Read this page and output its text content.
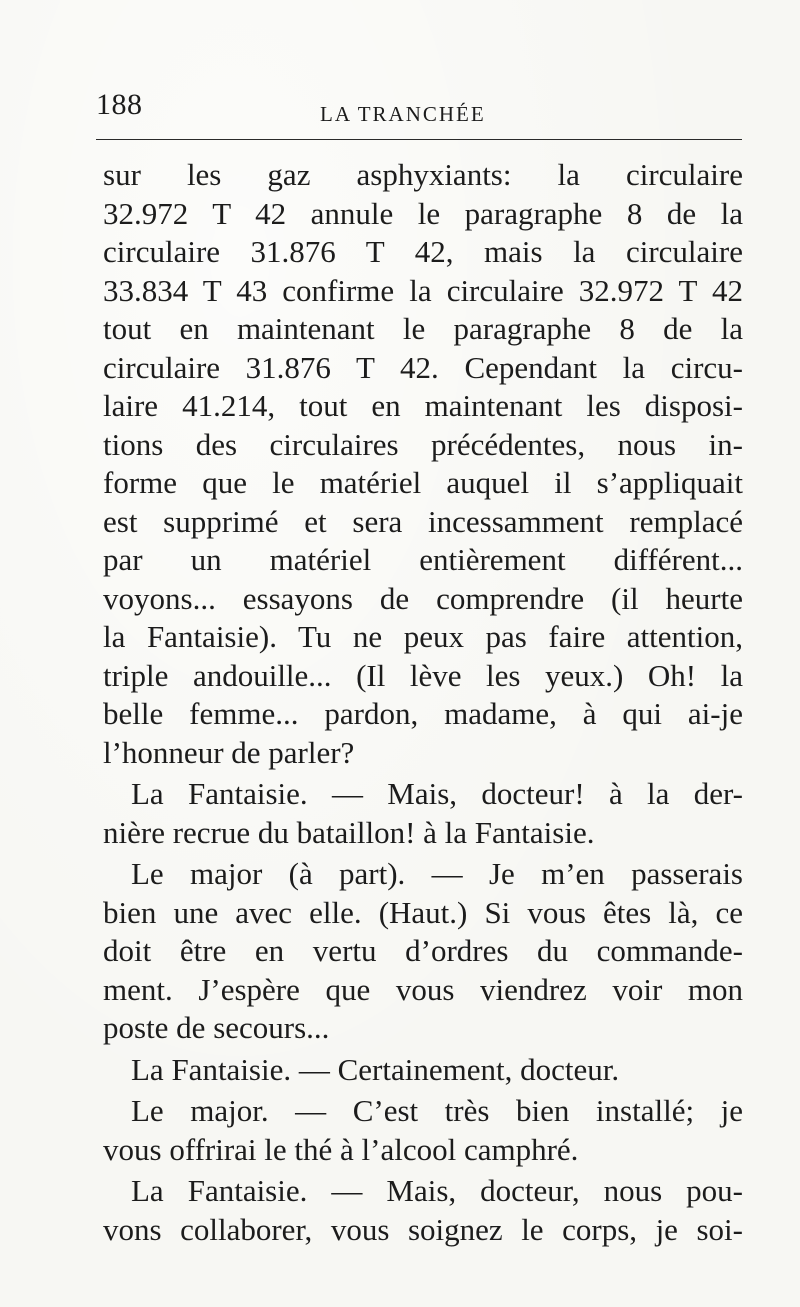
188	LA TRANCHÉE
sur les gaz asphyxiants: la circulaire
32.972 T 42 annule le paragraphe 8 de la
circulaire 31.876 T 42, mais la circulaire
33.834 T 43 confirme la circulaire 32.972 T 42
tout en maintenant le paragraphe 8 de la
circulaire 31.876 T 42. Cependant la circu-
laire 41.214, tout en maintenant les disposi-
tions des circulaires précédentes, nous in-
forme que le matériel auquel il s’appliquait
est supprimé et sera incessamment remplacé
par un matériel entièrement différent...
voyons... essayons de comprendre (il heurte
la Fantaisie). Tu ne peux pas faire attention,
triple andouille... (Il lève les yeux.) Oh! la
belle femme... pardon, madame, à qui ai-je
l’honneur de parler?
La Fantaisie. — Mais, docteur! à la der-
nière recrue du bataillon! à la Fantaisie.
Le major (à part). — Je m’en passerais
bien une avec elle. (Haut.) Si vous êtes là, ce
doit être en vertu d’ordres du commande-
ment. J’espère que vous viendrez voir mon
poste de secours...
La Fantaisie. — Certainement, docteur.
Le major. — C’est très bien installé; je
vous offrirai le thé à l’alcool camphré.
La Fantaisie. — Mais, docteur, nous pou-
vons collaborer, vous soignez le corps, je soi-
